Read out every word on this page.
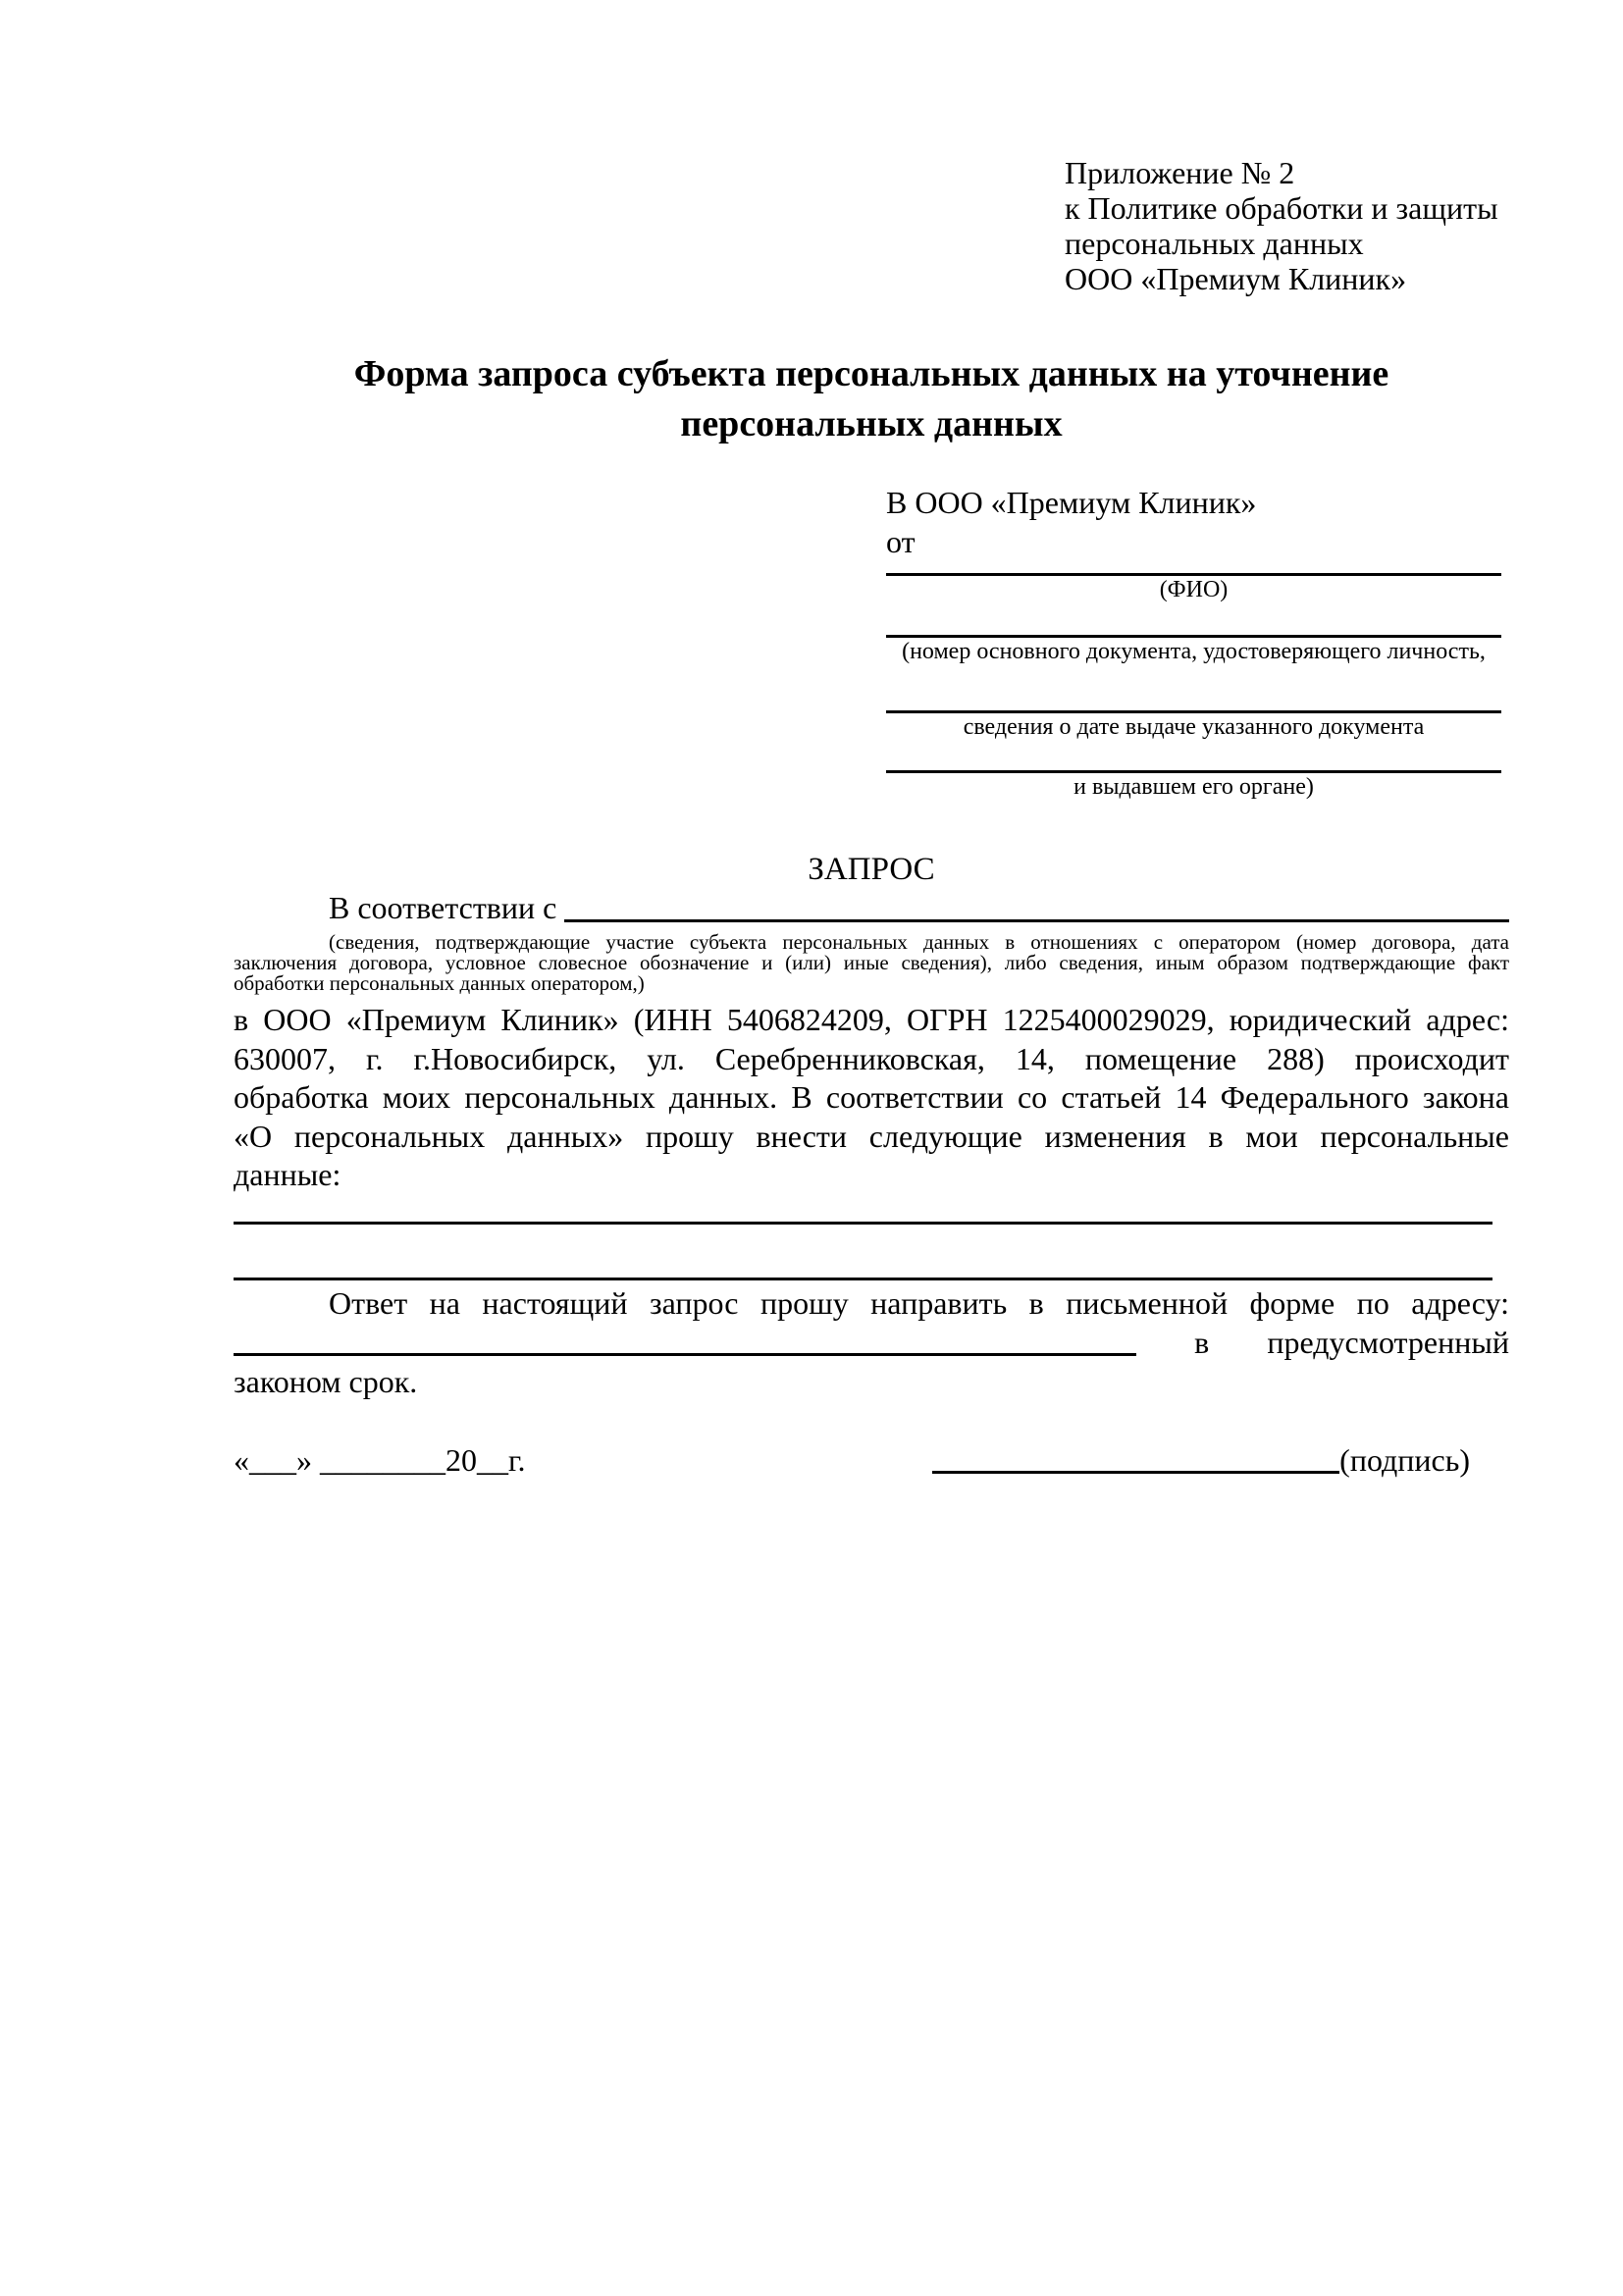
Приложение № 2
к Политике обработки и защиты
персональных данных
ООО «Премиум Клиник»
Форма запроса субъекта персональных данных на уточнение
персональных данных
В ООО «Премиум Клиник»
от
(ФИО)
(номер основного документа, удостоверяющего личность,
сведения о дате выдаче указанного документа
и выдавшем его органе)
ЗАПРОС
В соответствии с
(сведения, подтверждающие участие субъекта персональных данных в отношениях с оператором (номер договора, дата
заключения договора, условное словесное обозначение и (или) иные сведения), либо сведения, иным образом подтверждающие факт
обработки персональных данных оператором,)
в ООО «Премиум Клиник» (ИНН 5406824209, ОГРН 1225400029029, юридический адрес:
630007, г. г.Новосибирск, ул. Серебренниковская, 14, помещение 288) происходит
обработка моих персональных данных. В соответствии со статьей 14 Федерального закона
«О персональных данных» прошу внести следующие изменения в мои персональные
данные:
Ответ на настоящий запрос прошу направить в письменной форме по адресу:
в предусмотренный
законом срок.
«___» ________20__г.	(подпись)
